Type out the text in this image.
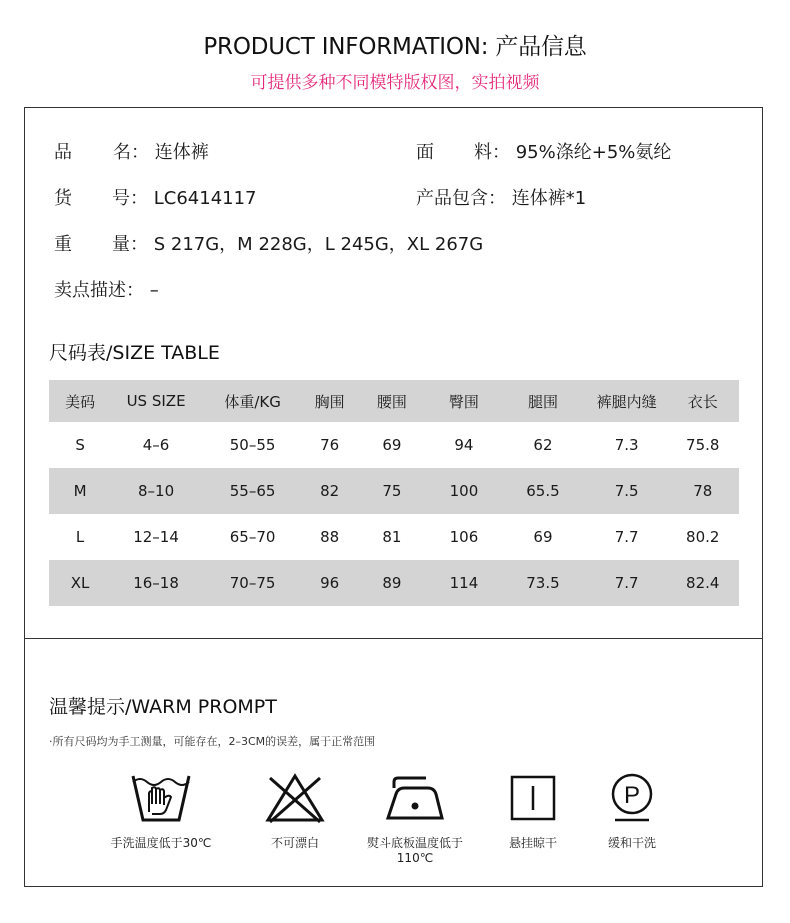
PRODUCT INFORMATION: 产品信息
可提供多种不同模特版权图，实拍视频
品 名： 连体裤	面 料： 95%涤纶+5%氨纶
货 号： LC6414117	产品包含： 连体裤*1
重 量： S 217G，M 228G，L 245G，XL 267G
卖点描述： –
尺码表/SIZE TABLE
美码	US SIZE	体重/KG	胸围	腰围	臀围	腿围	裤腿内缝	衣长
S	4–6	50–55	76	69	94	62	7.3	75.8
M	8–10	55–65	82	75	100	65.5	7.5	78
L	12–14	65–70	88	81	106	69	7.7	80.2
XL	16–18	70–75	96	89	114	73.5	7.7	82.4
温馨提示/WARM PROMPT
·所有尺码均为手工测量，可能存在，2–3CM的误差，属于正常范围
手洗温度低于30℃	不可漂白	熨斗底板温度低于110℃
悬挂晾干
P
缓和干洗
